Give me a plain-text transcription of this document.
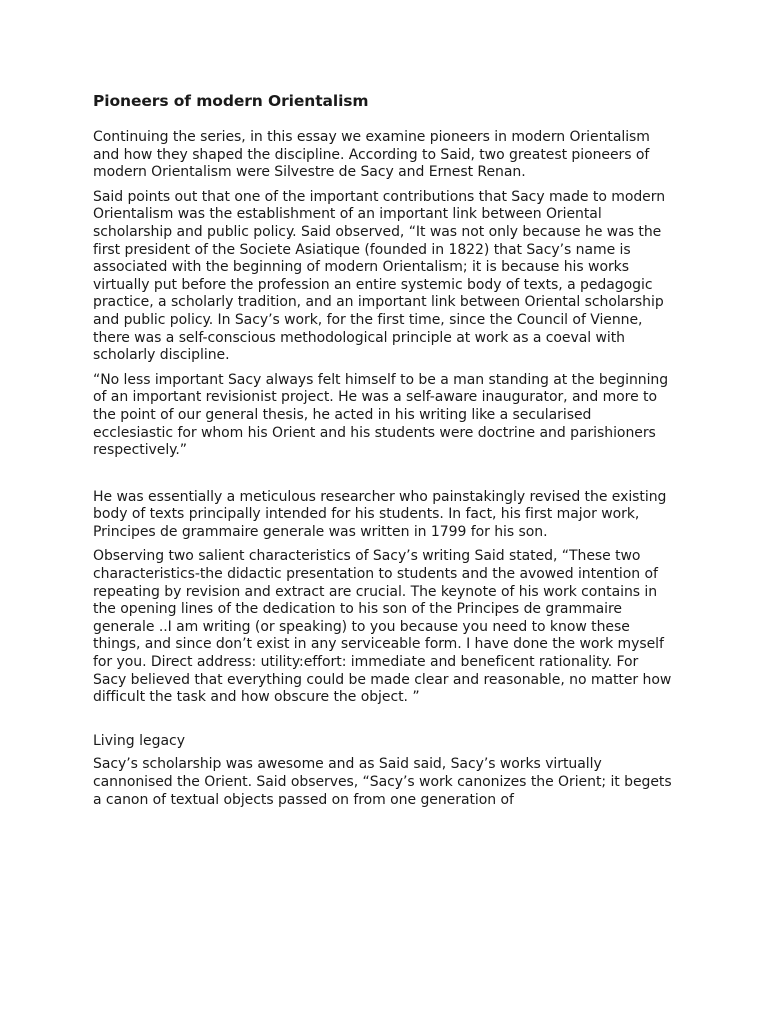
Pioneers of modern Orientalism

Continuing the series, in this essay we examine pioneers in modern Orientalism and how they shaped the discipline. According to Said, two greatest pioneers of modern Orientalism were Silvestre de Sacy and Ernest Renan.

Said points out that one of the important contributions that Sacy made to modern Orientalism was the establishment of an important link between Oriental scholarship and public policy. Said observed, “It was not only because he was the first president of the Societe Asiatique (founded in 1822) that Sacy’s name is associated with the beginning of modern Orientalism; it is because his works virtually put before the profession an entire systemic body of texts, a pedagogic practice, a scholarly tradition, and an important link between Oriental scholarship and public policy. In Sacy’s work, for the first time, since the Council of Vienne, there was a self-conscious methodological principle at work as a coeval with scholarly discipline.

“No less important Sacy always felt himself to be a man standing at the beginning of an important revisionist project. He was a self-aware inaugurator, and more to the point of our general thesis, he acted in his writing like a secularised ecclesiastic for whom his Orient and his students were doctrine and parishioners respectively.”

He was essentially a meticulous researcher who painstakingly revised the existing body of texts principally intended for his students. In fact, his first major work, Principes de grammaire generale was written in 1799 for his son.

Observing two salient characteristics of Sacy’s writing Said stated, “These two characteristics-the didactic presentation to students and the avowed intention of repeating by revision and extract are crucial. The keynote of his work contains in the opening lines of the dedication to his son of the Principes de grammaire generale ..I am writing (or speaking) to you because you need to know these things, and since don’t exist in any serviceable form. I have done the work myself for you. Direct address: utility:effort: immediate and beneficent rationality. For Sacy believed that everything could be made clear and reasonable, no matter how difficult the task and how obscure the object. ”

Living legacy

Sacy’s scholarship was awesome and as Said said, Sacy’s works virtually cannonised the Orient. Said observes, “Sacy’s work canonizes the Orient; it begets a canon of textual objects passed on from one generation of
